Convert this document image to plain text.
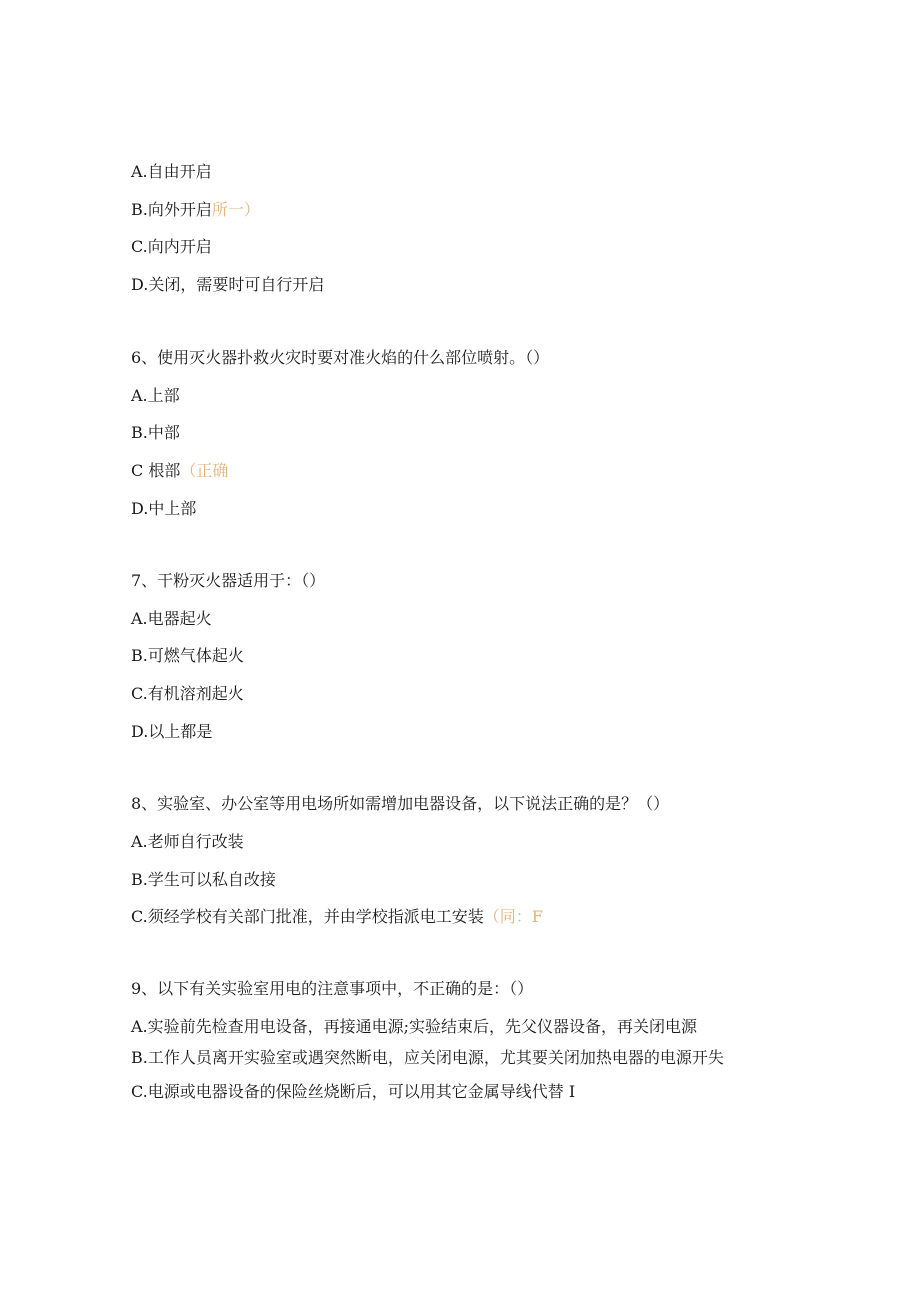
A.自由开启
B.向外开启所一）
C.向内开启
D.关闭，需要时可自行开启
6、使用灭火器扑救火灾时要对准火焰的什么部位喷射。（）
A.上部
B.中部
C 根部（正确
D.中上部
7、干粉灭火器适用于：（）
A.电器起火
B.可燃气体起火
C.有机溶剂起火
D.以上都是
8、实验室、办公室等用电场所如需增加电器设备，以下说法正确的是？（）
A.老师自行改装
B.学生可以私自改接
C.须经学校有关部门批准，并由学校指派电工安装（同：F
9、以下有关实验室用电的注意事项中，不正确的是：（）
A.实验前先检查用电设备，再接通电源;实验结束后，先父仪器设备，再关闭电源
B.工作人员离开实验室或遇突然断电，应关闭电源，尤其要关闭加热电器的电源开失
C.电源或电器设备的保险丝烧断后，可以用其它金属导线代替 I
